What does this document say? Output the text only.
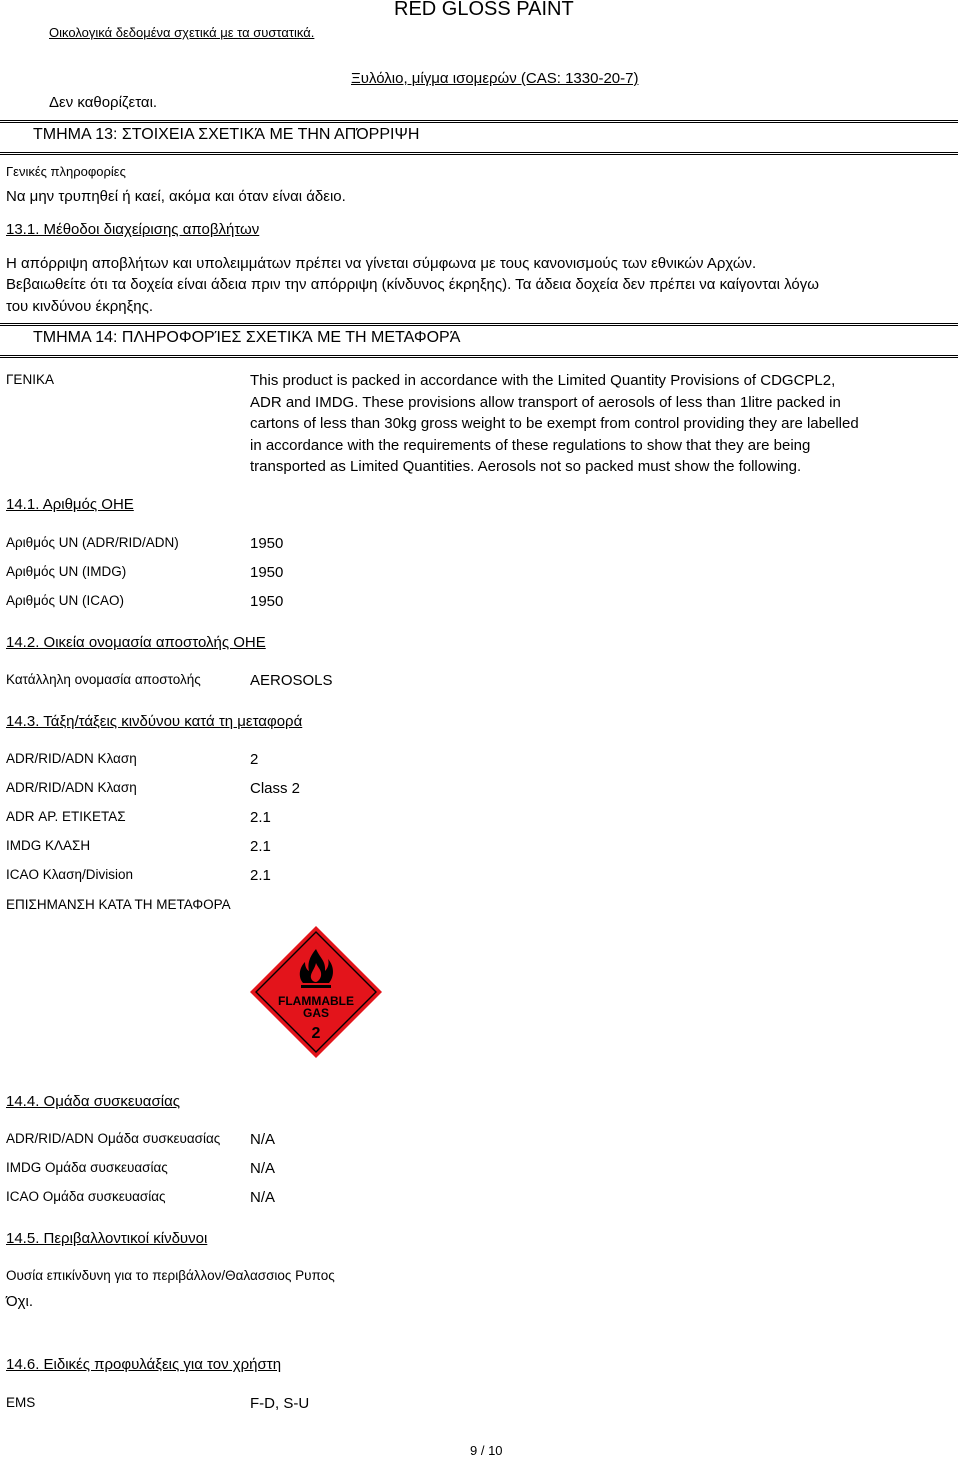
Οικολογικά δεδομένα σχετικά με τα συστατικά.
RED GLOSS PAINT
Ξυλόλιο, μίγμα ισομερών (CAS: 1330-20-7)
Δεν καθορίζεται.
ΤΜΗΜΑ 13: ΣΤΟΙΧΕΙΑ ΣΧΕΤΙΚΆ ΜΕ ΤΗΝ ΑΠΌΡΡΙΨΗ
Γενικές πληροφορίες
Να μην τρυπηθεί ή καεί, ακόμα και όταν είναι άδειο.
13.1. Μέθοδοι διαχείρισης αποβλήτων
Η απόρριψη αποβλήτων και υπολειμμάτων πρέπει να γίνεται σύμφωνα με τους κανονισμούς των εθνικών Αρχών.
Βεβαιωθείτε ότι τα δοχεία είναι άδεια πριν την απόρριψη (κίνδυνος έκρηξης). Τα άδεια δοχεία δεν πρέπει να καίγονται λόγω
του κινδύνου έκρηξης.
ΤΜΗΜΑ 14: ΠΛΗΡΟΦΟΡΊΕΣ ΣΧΕΤΙΚΆ ΜΕ ΤΗ ΜΕΤΑΦΟΡΆ
ΓΕΝΙΚΑ	This product is packed in accordance with the Limited Quantity Provisions of CDGCPL2,
ADR and IMDG. These provisions allow transport of aerosols of less than 1litre packed in
cartons of less than 30kg gross weight to be exempt from control providing they are labelled
in accordance with the requirements of these regulations to show that they are being
transported as Limited Quantities. Aerosols not so packed must show the following.
14.1. Αριθμός ΟΗΕ
Αριθμός UN (ADR/RID/ADN)	1950
Αριθμός UN (IMDG)	1950
Αριθμός UN (ICAO)	1950
14.2. Οικεία ονομασία αποστολής ΟΗΕ
Κατάλληλη ονομασία αποστολής	AEROSOLS
14.3. Τάξη/τάξεις κινδύνου κατά τη μεταφορά
ADR/RID/ADN Κλαση	2
ADR/RID/ADN Κλαση	Class 2
ADR ΑΡ. ΕΤΙΚΕΤΑΣ	2.1
IMDG ΚΛΑΣΗ	2.1
ICAO Κλαση/Division	2.1
ΕΠΙΣΗΜΑΝΣΗ ΚΑΤΑ ΤΗ ΜΕΤΑΦΟΡΑ
FLAMMABLE
GAS
2
14.4. Ομάδα συσκευασίας
ADR/RID/ADN Ομάδα συσκευασίας N/A
IMDG Ομάδα συσκευασίας	N/A
ICAO Ομάδα συσκευασίας	N/A
14.5. Περιβαλλοντικοί κίνδυνοι
Ουσία επικίνδυνη για το περιβάλλον/Θαλασσιος Ρυπος
Όχι.
14.6. Ειδικές προφυλάξεις για τον χρήστη
EMS	F-D, S-U
9 / 10
